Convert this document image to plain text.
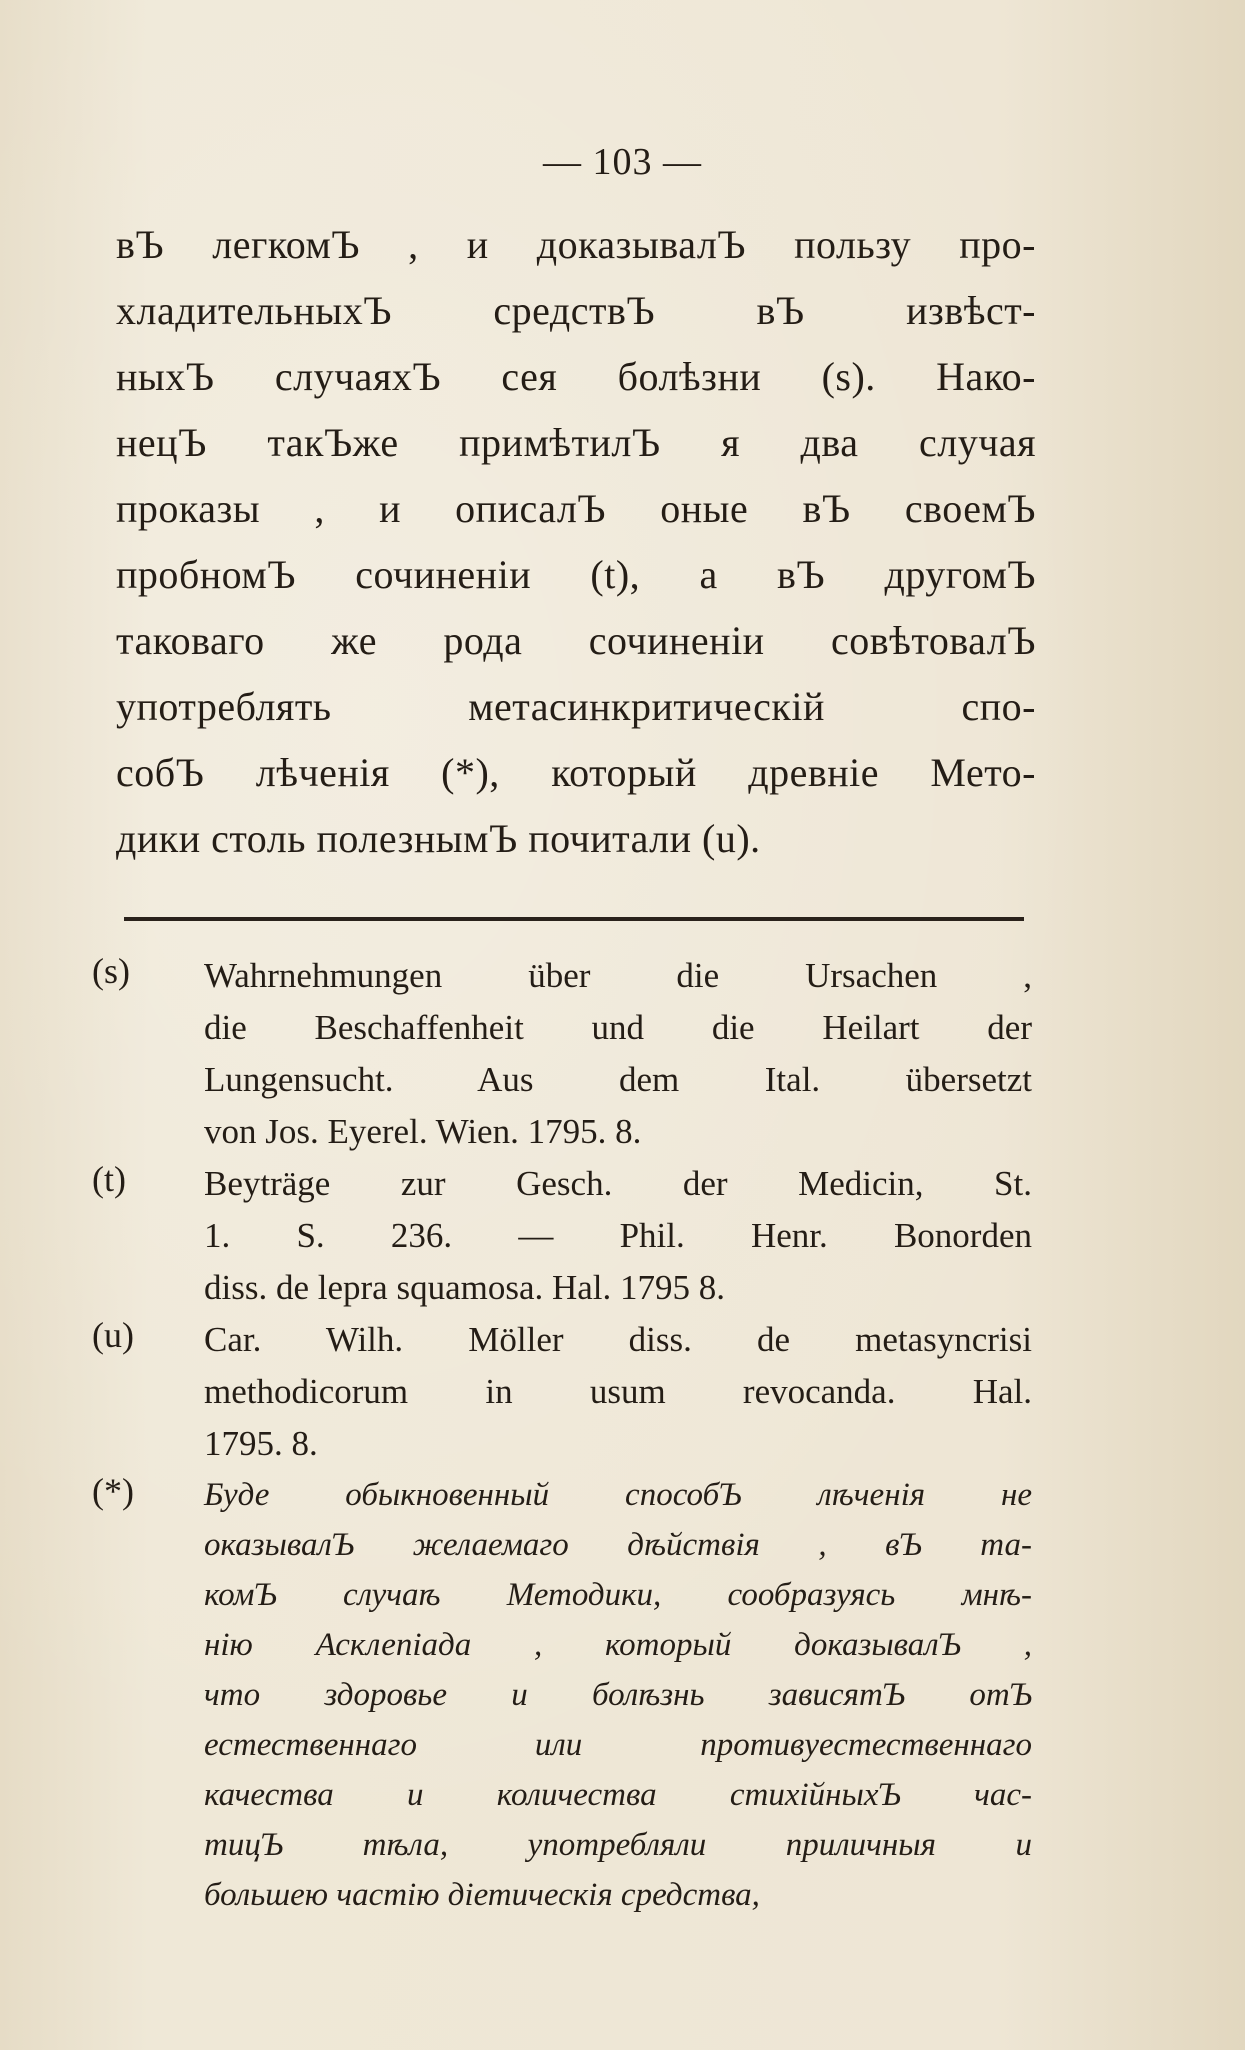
— 103 —
вЪ легкомЪ , и доказывалЪ пользу про-
хладительныхЪ средствЪ вЪ извѣст-
ныхЪ случаяхЪ сея болѣзни (s). Нако-
нецЪ такЪже примѣтилЪ я два случая
проказы , и описалЪ оные вЪ своемЪ
пробномЪ сочиненіи (t), а вЪ другомЪ
таковаго же рода сочиненіи совѣтовалЪ
употреблять метасинкритическій спо-
собЪ лѣченія (*), который древніе Мето-
дики столь полезнымЪ почитали (u).
(s)	Wahrnehmungen über die Ursachen ,
die Beschaffenheit und die Heilart der
Lungensucht. Aus dem Ital. übersetzt
von Jos. Eyerel. Wien. 1795. 8.
(t)	Beyträge zur Gesch. der Medicin, St.
1. S. 236. — Phil. Henr. Bonorden
diss. de lepra squamosa. Hal. 1795 8.
(u)	Car. Wilh. Möller diss. de metasyncrisi
methodicorum in usum revocanda. Hal.
1795. 8.
(*)	Буде обыкновенный способЪ лѣченія не
оказывалЪ желаемаго дѣйствія , вЪ та-
комЪ случаѣ Методики, сообразуясь мнѣ-
нію Асклепіада , который доказывалЪ ,
что здоровье и болѣзнь зависятЪ отЪ
естественнаго или противуестественнаго
качества и количества стихійныхЪ час-
тицЪ тѣла, употребляли приличныя и
большею частію діетическія средства,
